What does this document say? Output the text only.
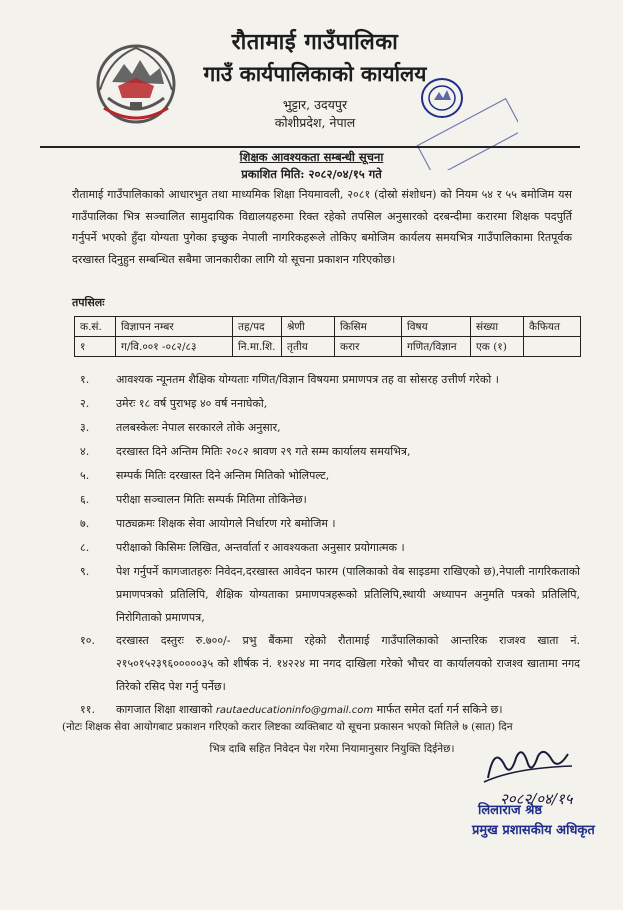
रौतामाई गाउँपालिका
गाउँ कार्यपालिकाको कार्यालय
भुट्टार, उदयपुर
कोशीप्रदेश, नेपाल
शिक्षक आवश्यकता सम्बन्धी सूचना
प्रकाशित मिति: २०८२/०४/१५ गते
रौतामाई गाउँपालिकाको आधारभुत तथा माध्यमिक शिक्षा नियमावली, २०८१ (दोस्रो संशोधन) को नियम ५४ र ५५ बमोजिम यस गाउँपालिका भित्र सञ्चालित सामुदायिक विद्यालयहरुमा रिक्त रहेको तपसिल अनुसारको दरबन्दीमा करारमा शिक्षक पदपुर्ति गर्नुपर्ने भएको हुँदा योग्यता पुगेका इच्छुक नेपाली नागरिकहरूले तोकिए बमोजिम कार्यलय समयभित्र गाउँपालिकामा रितपूर्वक दरखास्त दिनुहुन सम्बन्धित सबैमा जानकारीका लागि यो सूचना प्रकाशन गरिएकोछ।
तपसिलः
क.सं.	विज्ञापन नम्बर	तह/पद	श्रेणी	किसिम	विषय	संख्या	कैफियत
१	ग/वि.००१ -०८२/८३	नि.मा.शि.	तृतीय	करार	गणित/विज्ञान	एक (१)	
१.	आवश्यक न्यूनतम शैक्षिक योग्यताः गणित/विज्ञान विषयमा प्रमाणपत्र तह वा सोसरह उत्तीर्ण गरेको ।
२.	उमेरः १८ वर्ष पुराभइ ४० वर्ष ननाघेको,
३.	तलबस्केलः नेपाल सरकारले तोके अनुसार,
४.	दरखास्त दिने अन्तिम मितिः २०८२ श्रावण २९ गते सम्म कार्यालय समयभित्र,
५.	सम्पर्क मितिः दरखास्त दिने अन्तिम मितिको भोलिपल्ट,
६.	परीक्षा सञ्चालन मितिः सम्पर्क मितिमा तोकिनेछ।
७.	पाठ्यक्रमः शिक्षक सेवा आयोगले निर्धारण गरे बमोजिम ।
८.	परीक्षाको किसिमः लिखित, अन्तर्वार्ता र आवश्यकता अनुसार प्रयोगात्मक ।
९.	पेश गर्नुपर्ने कागजातहरुः निवेदन,दरखास्त आवेदन फारम (पालिकाको वेब साइडमा राखिएको छ),नेपाली नागरिकताको प्रमाणपत्रको प्रतिलिपि, शैक्षिक योग्यताका प्रमाणपत्रहरूको प्रतिलिपि,स्थायी अध्यापन अनुमति पत्रको प्रतिलिपि, निरोगिताको प्रमाणपत्र,
१०.	दरखास्त दस्तुरः रु.७००/- प्रभु बैंकमा रहेको रौतामाई गाउँपालिकाको आन्तरिक राजश्व खाता नं. २१५०१५२३९६०००००३५ को शीर्षक नं. १४२२४ मा नगद दाखिला गरेको भौचर वा कार्यालयको राजश्व खातामा नगद तिरेको रसिद पेश गर्नु पर्नेछ।
११.	कागजात शिक्षा शाखाको rautaeducationinfo@gmail.com मार्फत समेत दर्ता गर्न सकिने छ।
(नोटः शिक्षक सेवा आयोगबाट प्रकाशन गरिएको करार लिष्टका व्यक्तिबाट यो सूचना प्रकासन भएको मितिले ७ (सात) दिन
भित्र दाबि सहित निवेदन पेश गरेमा नियामानुसार नियुक्ति दिईनेछ।
२०८२/०४/१५
लिलाराज श्रेष्ठ
प्रमुख प्रशासकीय अधिकृत
